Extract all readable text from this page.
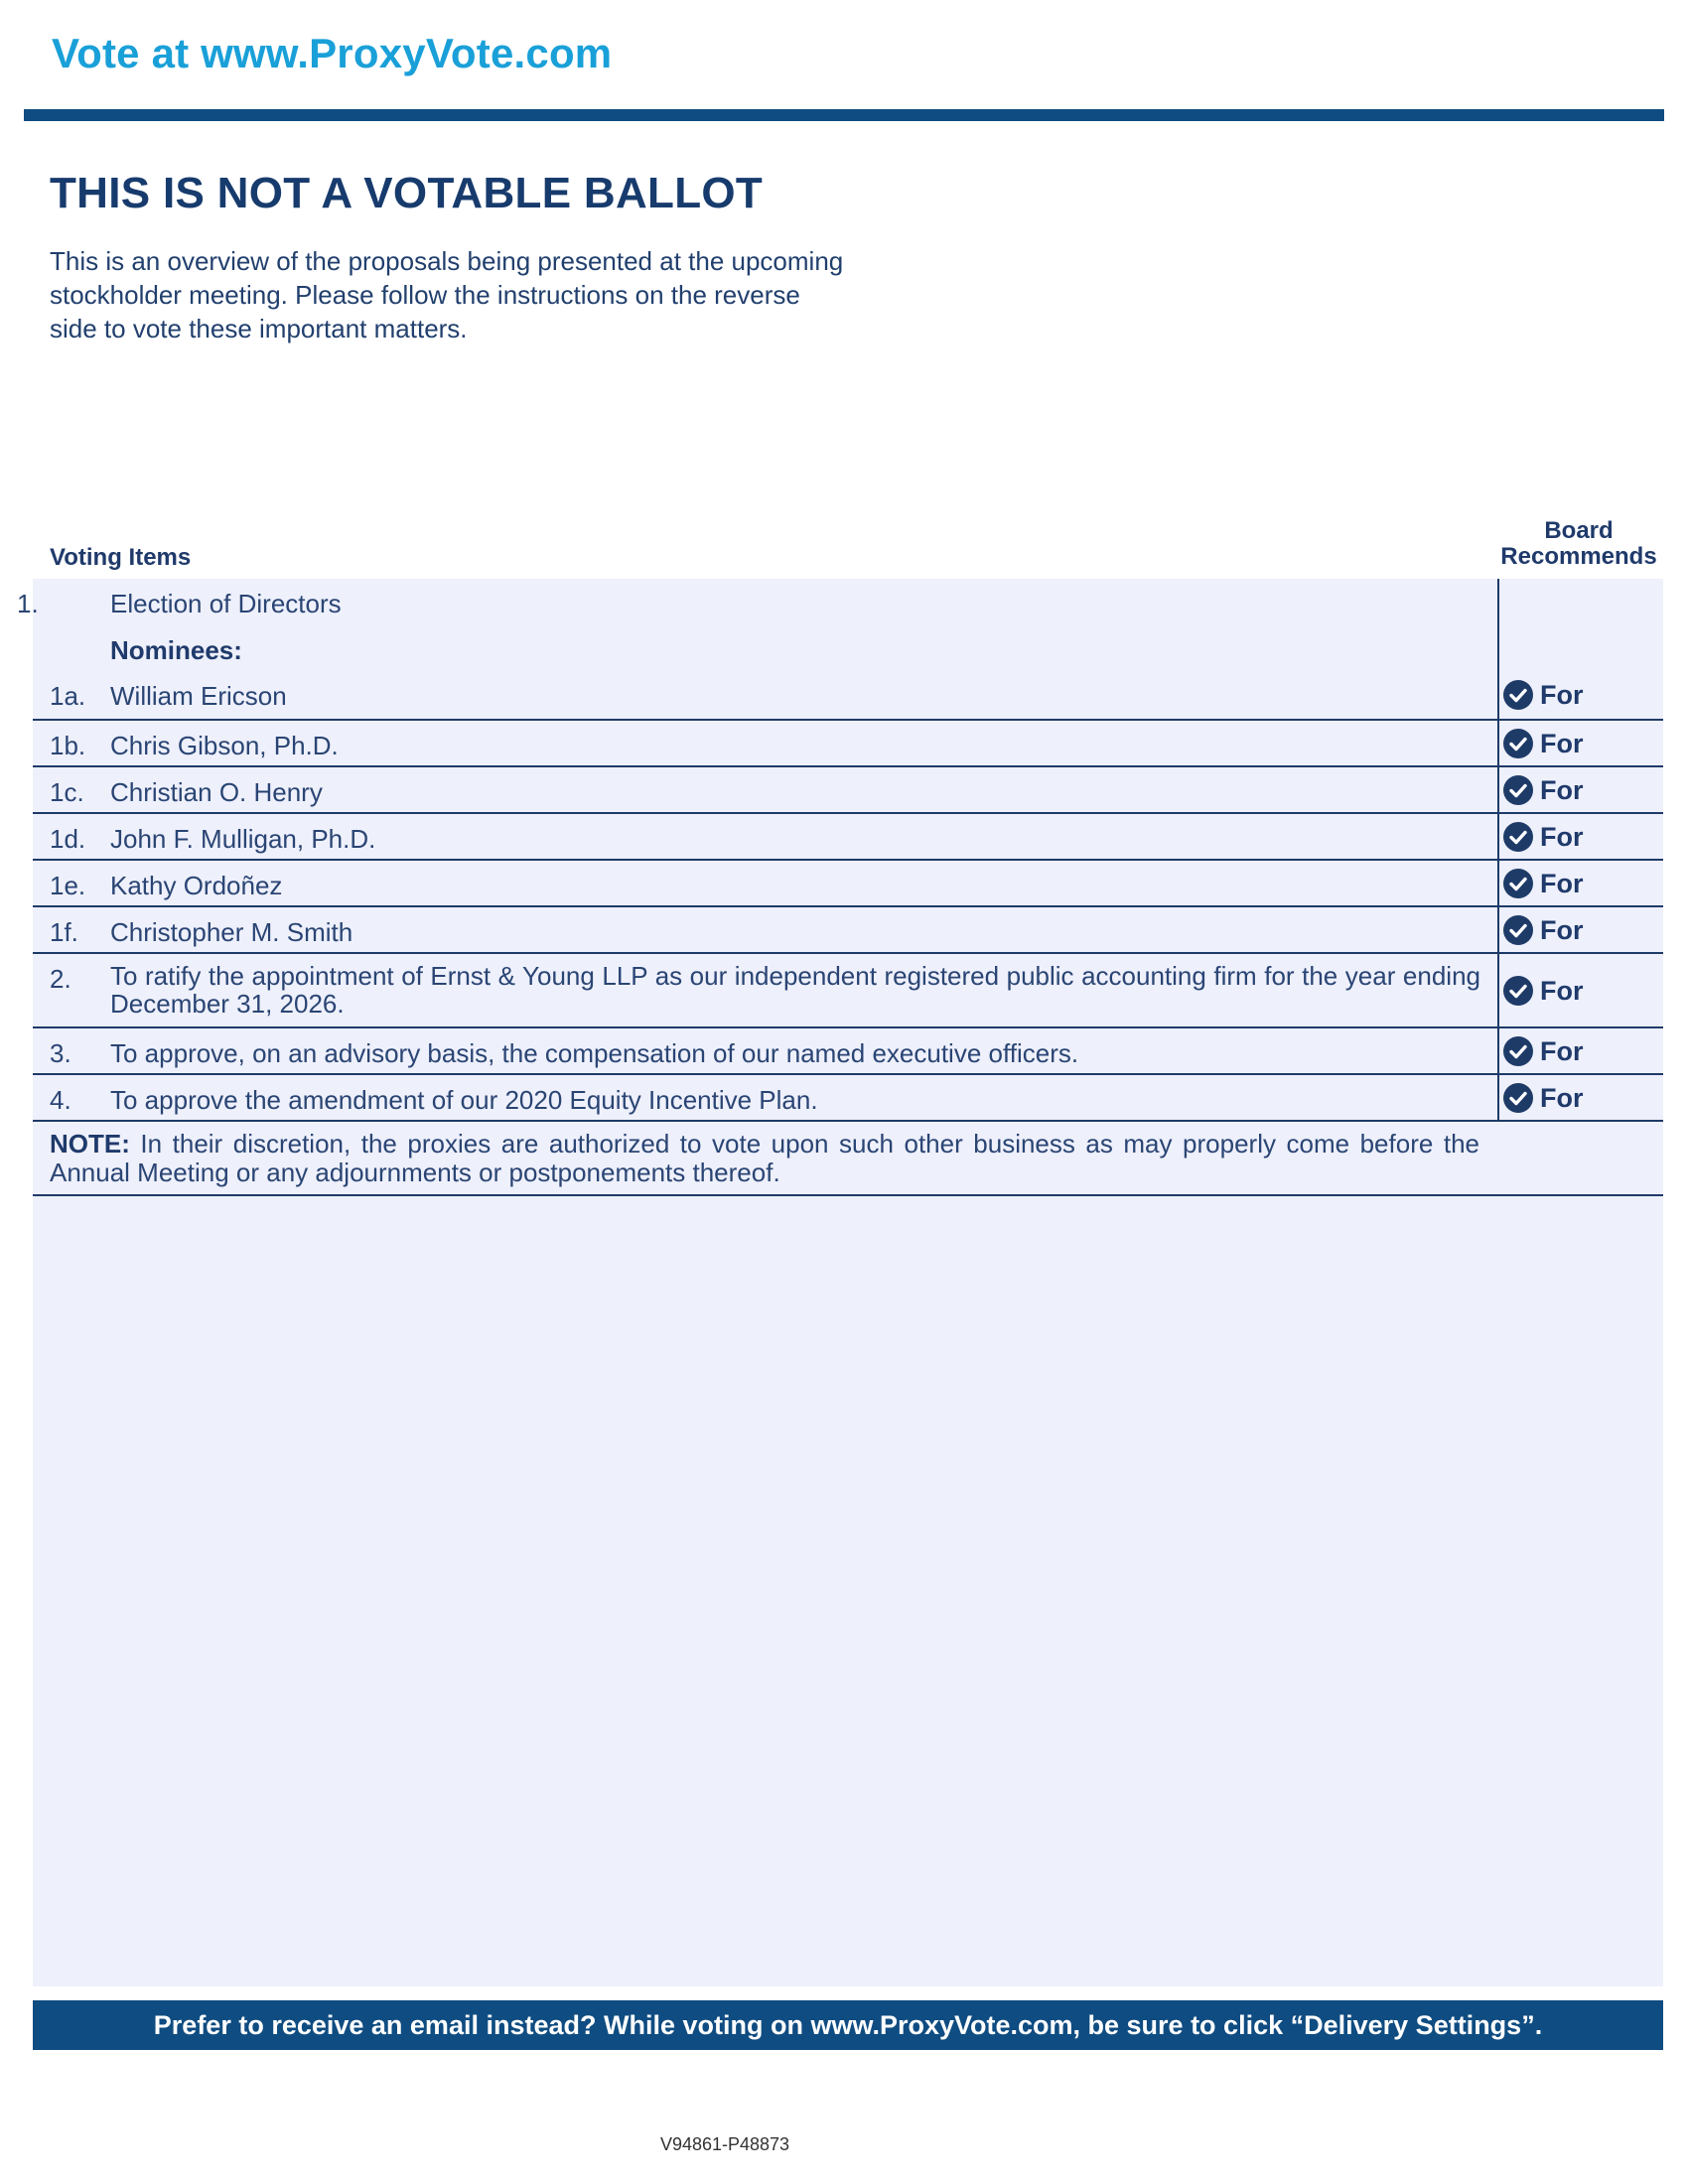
Vote at www.ProxyVote.com
THIS IS NOT A VOTABLE BALLOT
This is an overview of the proposals being presented at the upcoming stockholder meeting. Please follow the instructions on the reverse side to vote these important matters.
Voting Items
Board
Recommends
1.	Election of Directors
Nominees:
1a. William Ericson	For
1b. Chris Gibson, Ph.D.	For
1c. Christian O. Henry	For
1d. John F. Mulligan, Ph.D.	For
1e. Kathy Ordoñez	For
1f. Christopher M. Smith	For
2. To ratify the appointment of Ernst & Young LLP as our independent registered public accounting firm for the year ending December 31, 2026.	For
3. To approve, on an advisory basis, the compensation of our named executive officers.	For
4. To approve the amendment of our 2020 Equity Incentive Plan.	For
NOTE: In their discretion, the proxies are authorized to vote upon such other business as may properly come before the Annual Meeting or any adjournments or postponements thereof.
Prefer to receive an email instead? While voting on www.ProxyVote.com, be sure to click “Delivery Settings”.
V94861-P48873
